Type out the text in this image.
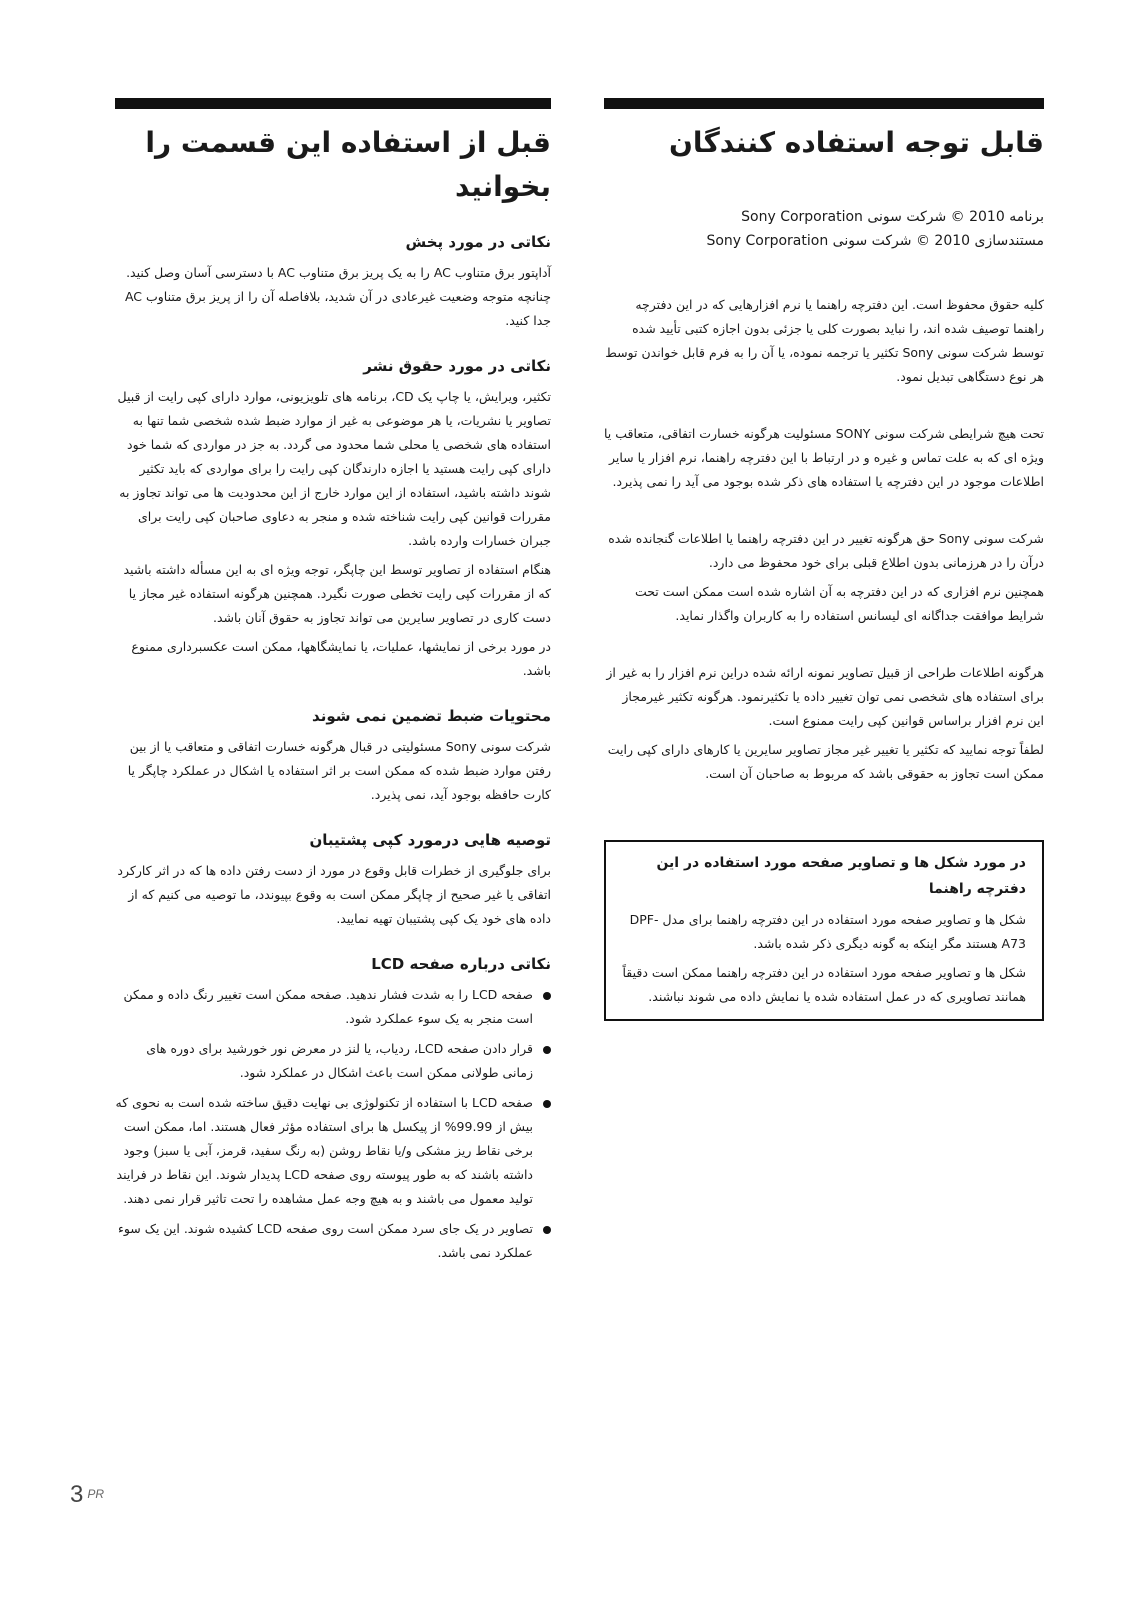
قابل توجه استفاده کنندگان
برنامه 2010 © شرکت سونی Sony Corporation
مستندسازی 2010 © شرکت سونی Sony Corporation

کلیه حقوق محفوظ است. این دفترچه راهنما یا نرم افزارهایی که در این دفترچه راهنما توصیف شده اند، را نباید بصورت کلی یا جزئی بدون اجازه کتبی تأیید شده توسط شرکت سونی Sony تکثیر یا ترجمه نموده، یا آن را به فرم قابل خواندن توسط هر نوع دستگاهی تبدیل نمود.

تحت هیچ شرایطی شرکت سونی SONY مسئولیت هرگونه خسارت اتفاقی، متعاقب یا ویژه ای که به علت تماس و غیره و در ارتباط با این دفترچه راهنما، نرم افزار یا سایر اطلاعات موجود در این دفترچه یا استفاده های ذکر شده بوجود می آید را نمی پذیرد.

شرکت سونی Sony حق هرگونه تغییر در این دفترچه راهنما یا اطلاعات گنجانده شده درآن را در هرزمانی بدون اطلاع قبلی برای خود محفوظ می دارد.

همچنین نرم افزاری که در این دفترچه به آن اشاره شده است ممکن است تحت شرایط موافقت جداگانه ای لیسانس استفاده را به کاربران واگذار نماید.

هرگونه اطلاعات طراحی از قبیل تصاویر نمونه ارائه شده دراین نرم افزار را به غیر از برای استفاده های شخصی نمی توان تغییر داده یا تکثیرنمود. هرگونه تکثیر غیرمجاز این نرم افزار براساس قوانین کپی رایت ممنوع است.

لطفاً توجه نمایید که تکثیر یا تغییر غیر مجاز تصاویر سایرین یا کارهای دارای کپی رایت ممکن است تجاوز به حقوقی باشد که مربوط به صاحبان آن است.

در مورد شکل ها و تصاویر صفحه مورد استفاده در این دفترچه راهنما

شکل ها و تصاویر صفحه مورد استفاده در این دفترچه راهنما برای مدل DPF-A73 هستند مگر اینکه به گونه دیگری ذکر شده باشد.

شکل ها و تصاویر صفحه مورد استفاده در این دفترچه راهنما ممکن است دقیقاً همانند تصاویری که در عمل استفاده شده یا نمایش داده می شوند نباشند.

قبل از استفاده این قسمت را بخوانید
نکاتی در مورد پخش

آداپتور برق متناوب AC را به یک پریز برق متناوب AC با دسترسی آسان وصل کنید. چنانچه متوجه وضعیت غیرعادی در آن شدید، بلافاصله آن را از پریز برق متناوب AC جدا کنید.

نکاتی در مورد حقوق نشر

تکثیر، ویرایش، یا چاپ یک CD، برنامه های تلویزیونی، موارد دارای کپی رایت از قبیل تصاویر یا نشریات، یا هر موضوعی به غیر از موارد ضبط شده شخصی شما تنها به استفاده های شخصی یا محلی شما محدود می گردد. به جز در مواردی که شما خود دارای کپی رایت هستید یا اجازه دارندگان کپی رایت را برای مواردی که باید تکثیر شوند داشته باشید، استفاده از این موارد خارج از این محدودیت ها می تواند تجاوز به مقررات قوانین کپی رایت شناخته شده و منجر به دعاوی صاحبان کپی رایت برای جبران خسارات وارده باشد.

هنگام استفاده از تصاویر توسط این چاپگر، توجه ویژه ای به این مسأله داشته باشید که از مقررات کپی رایت تخطی صورت نگیرد. همچنین هرگونه استفاده غیر مجاز یا دست کاری در تصاویر سایرین می تواند تجاوز به حقوق آنان باشد.

در مورد برخی از نمایشها، عملیات، یا نمایشگاهها، ممکن است عکسبرداری ممنوع باشد.

محتویات ضبط تضمین نمی شوند

شرکت سونی Sony مسئولیتی در قبال هرگونه خسارت اتفاقی و متعاقب یا از بین رفتن موارد ضبط شده که ممکن است بر اثر استفاده یا اشکال در عملکرد چاپگر یا کارت حافظه بوجود آید، نمی پذیرد.

توصیه هایی درمورد کپی پشتیبان

برای جلوگیری از خطرات قابل وقوع در مورد از دست رفتن داده ها که در اثر کارکرد اتفاقی یا غیر صحیح از چاپگر ممکن است به وقوع بپیوندد، ما توصیه می کنیم که از داده های خود یک کپی پشتیبان تهیه نمایید.

نکاتی درباره صفحه LCD
صفحه LCD را به شدت فشار ندهید. صفحه ممکن است تغییر رنگ داده و ممکن است منجر به یک سوء عملکرد شود.
قرار دادن صفحه LCD، ردیاب، یا لنز در معرض نور خورشید برای دوره های زمانی طولانی ممکن است باعث اشکال در عملکرد شود.
صفحه LCD با استفاده از تکنولوژی بی نهایت دقیق ساخته شده است به نحوی که بیش از 99.99% از پیکسل ها برای استفاده مؤثر فعال هستند. اما، ممکن است برخی نقاط ریز مشکی و/یا نقاط روشن (به رنگ سفید، قرمز، آبی یا سبز) وجود داشته باشند که به طور پیوسته روی صفحه LCD پدیدار شوند. این نقاط در فرایند تولید معمول می باشند و به هیچ وجه عمل مشاهده را تحت تاثیر قرار نمی دهند.
تصاویر در یک جای سرد ممکن است روی صفحه LCD کشیده شوند. این یک سوء عملکرد نمی باشد.
3 $^{PR}$
